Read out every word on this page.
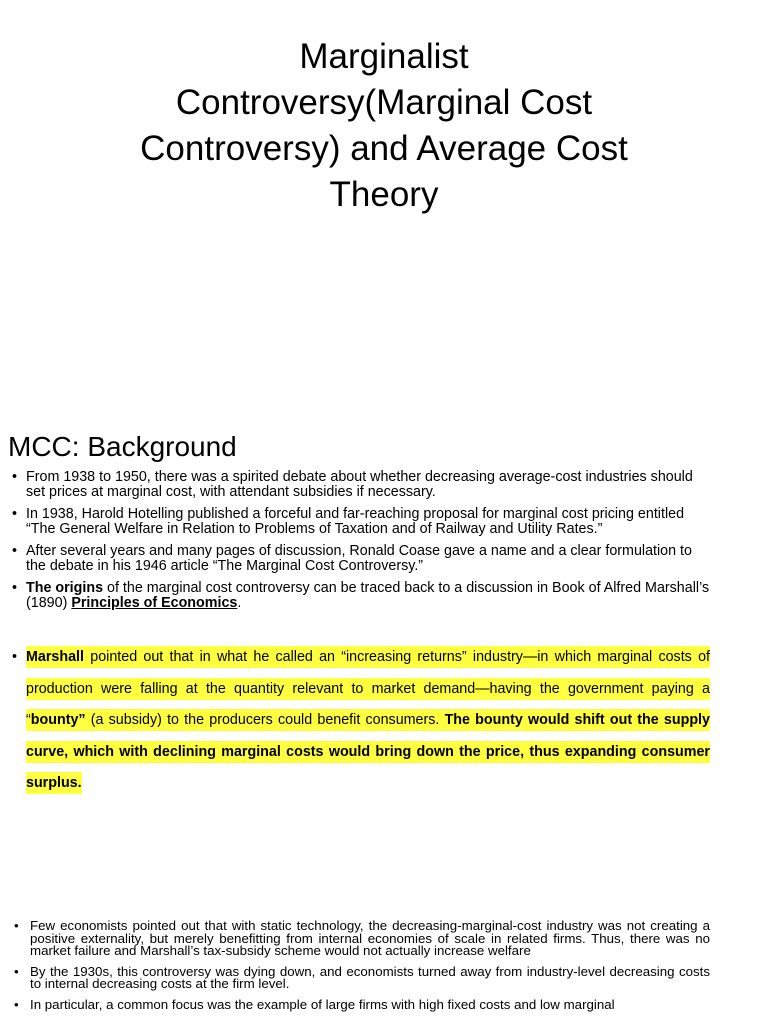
Marginalist
Controversy(Marginal Cost
Controversy) and Average Cost
Theory
MCC: Background
• From 1938 to 1950, there was a spirited debate about whether decreasing average-cost industries should set prices at marginal cost, with attendant subsidies if necessary.
• In 1938, Harold Hotelling published a forceful and far-reaching proposal for marginal cost pricing entitled “The General Welfare in Relation to Problems of Taxation and of Railway and Utility Rates.”
• After several years and many pages of discussion, Ronald Coase gave a name and a clear formulation to the debate in his 1946 article “The Marginal Cost Controversy.”
• The origins of the marginal cost controversy can be traced back to a discussion in Book of Alfred Marshall’s (1890) Principles of Economics.
• Marshall pointed out that in what he called an “increasing returns” industry—in which marginal costs of production were falling at the quantity relevant to market demand—having the government paying a “bounty” (a subsidy) to the producers could benefit consumers. The bounty would shift out the supply curve, which with declining marginal costs would bring down the price, thus expanding consumer surplus.
• Few economists pointed out that with static technology, the decreasing-marginal-cost industry was not creating a positive externality, but merely benefitting from internal economies of scale in related firms. Thus, there was no market failure and Marshall’s tax-subsidy scheme would not actually increase welfare
• By the 1930s, this controversy was dying down, and economists turned away from industry-level decreasing costs to internal decreasing costs at the firm level.
• In particular, a common focus was the example of large firms with high fixed costs and low marginal
